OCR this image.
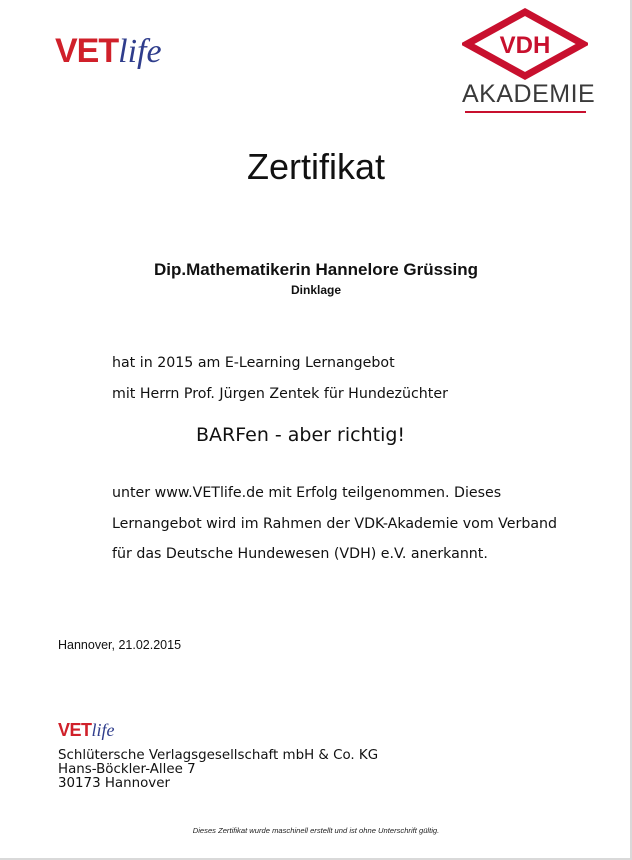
VETlife	VDH
AKADEMIE
Zertifikat
Dip.Mathematikerin Hannelore Grüssing
Dinklage
hat in 2015 am E-Learning Lernangebot
mit Herrn Prof. Jürgen Zentek für Hundezüchter
BARFen - aber richtig!
unter www.VETlife.de mit Erfolg teilgenommen. Dieses
Lernangebot wird im Rahmen der VDK-Akademie vom Verband
für das Deutsche Hundewesen (VDH) e.V. anerkannt.
Hannover, 21.02.2015
VETlife
Schlütersche Verlagsgesellschaft mbH & Co. KG
Hans-Böckler-Allee 7
30173 Hannover
Dieses Zertifikat wurde maschinell erstellt und ist ohne Unterschrift gültig.
